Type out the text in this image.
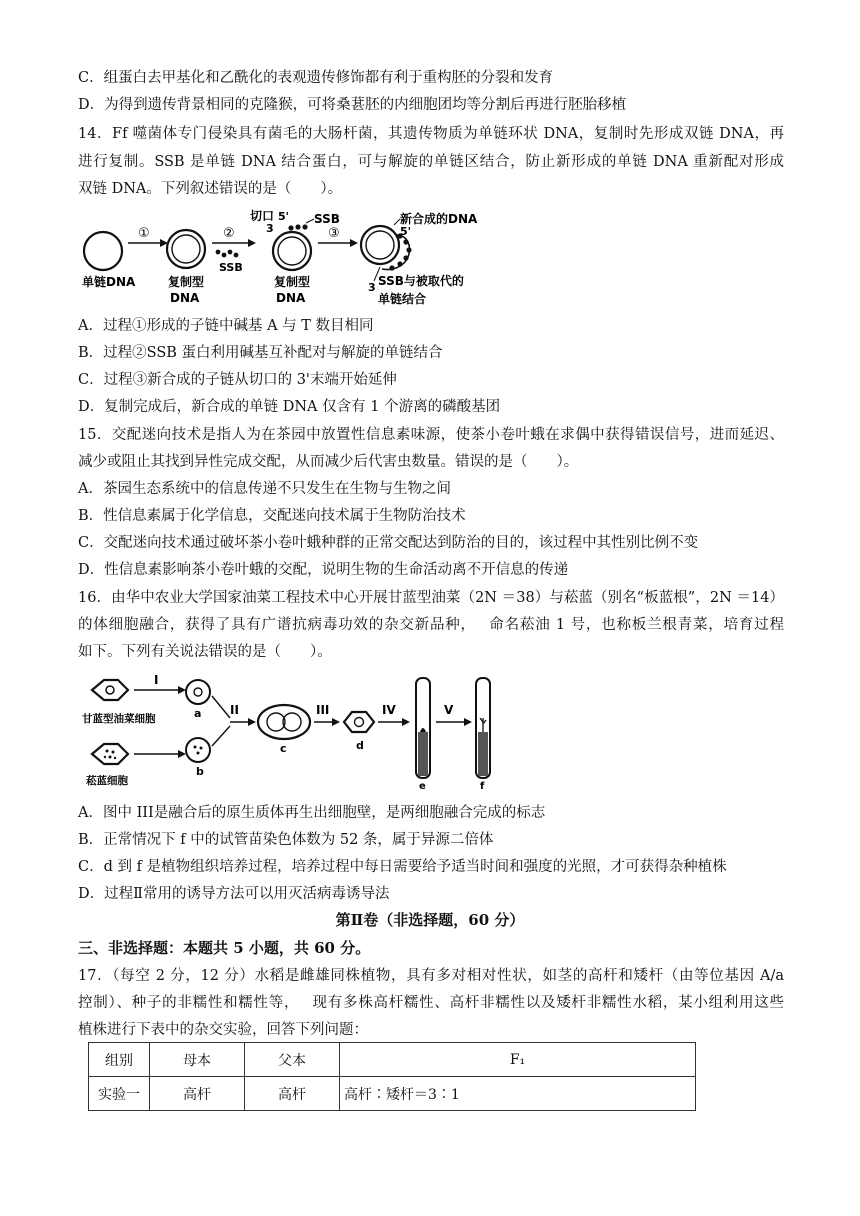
C．组蛋白去甲基化和乙酰化的表观遗传修饰都有利于重构胚的分裂和发育
D．为得到遗传背景相同的克隆猴，可将桑葚胚的内细胞团均等分割后再进行胚胎移植
14．Ff 噬菌体专门侵染具有菌毛的大肠杆菌，其遗传物质为单链环状 DNA，复制时先形成双链 DNA，再
进行复制。SSB 是单链 DNA 结合蛋白，可与解旋的单链区结合，防止新形成的单链 DNA 重新配对形成
双链 DNA。下列叙述错误的是（　　）。
单链DNA
①
复制型
DNA
②
SSB
切口 5'
3
SSB
复制型
DNA
③
新合成的DNA
5'
3 SSB与被取代的
单链结合
A．过程①形成的子链中碱基 A 与 T 数目相同
B．过程②SSB 蛋白利用碱基互补配对与解旋的单链结合
C．过程③新合成的子链从切口的 3'末端开始延伸
D．复制完成后，新合成的单链 DNA 仅含有 1 个游离的磷酸基团
15．交配迷向技术是指人为在茶园中放置性信息素味源，使茶小卷叶蛾在求偶中获得错误信号，进而延迟、
减少或阻止其找到异性完成交配，从而减少后代害虫数量。错误的是（　　）。
A．茶园生态系统中的信息传递不只发生在生物与生物之间
B．性信息素属于化学信息，交配迷向技术属于生物防治技术
C．交配迷向技术通过破坏茶小卷叶蛾种群的正常交配达到防治的目的，该过程中其性别比例不变
D．性信息素影响茶小卷叶蛾的交配，说明生物的生命活动离不开信息的传递
16．由华中农业大学国家油菜工程技术中心开展甘蓝型油菜（2N ＝38）与菘蓝（别名“板蓝根”，2N ＝14）
的体细胞融合，获得了具有广谱抗病毒功效的杂交新品种，　 命名菘油 1 号，也称板兰根青菜，培育过程
如下。下列有关说法错误的是（　　）。
甘蓝型油菜细胞
菘蓝细胞
I
a
b
II
c
III
d
IV
e
V
f
A．图中 III是融合后的原生质体再生出细胞壁，是两细胞融合完成的标志
B．正常情况下 f 中的试管苗染色体数为 52 条，属于异源二倍体
C．d 到 f 是植物组织培养过程，培养过程中每日需要给予适当时间和强度的光照，才可获得杂种植株
D．过程Ⅱ常用的诱导方法可以用灭活病毒诱导法
第Ⅱ卷（非选择题，60 分）
三、非选择题：本题共 5 小题，共 60 分。
17．（每空 2 分，12 分）水稻是雌雄同株植物，具有多对相对性状，如茎的高杆和矮杆（由等位基因 A/a
控制）、种子的非糯性和糯性等，　 现有多株高杆糯性、高杆非糯性以及矮杆非糯性水稻，某小组利用这些
植株进行下表中的杂交实验，回答下列问题：
组别	母本	父本	F₁
实验一	高杆	高杆	高杆∶矮杆＝3∶1
